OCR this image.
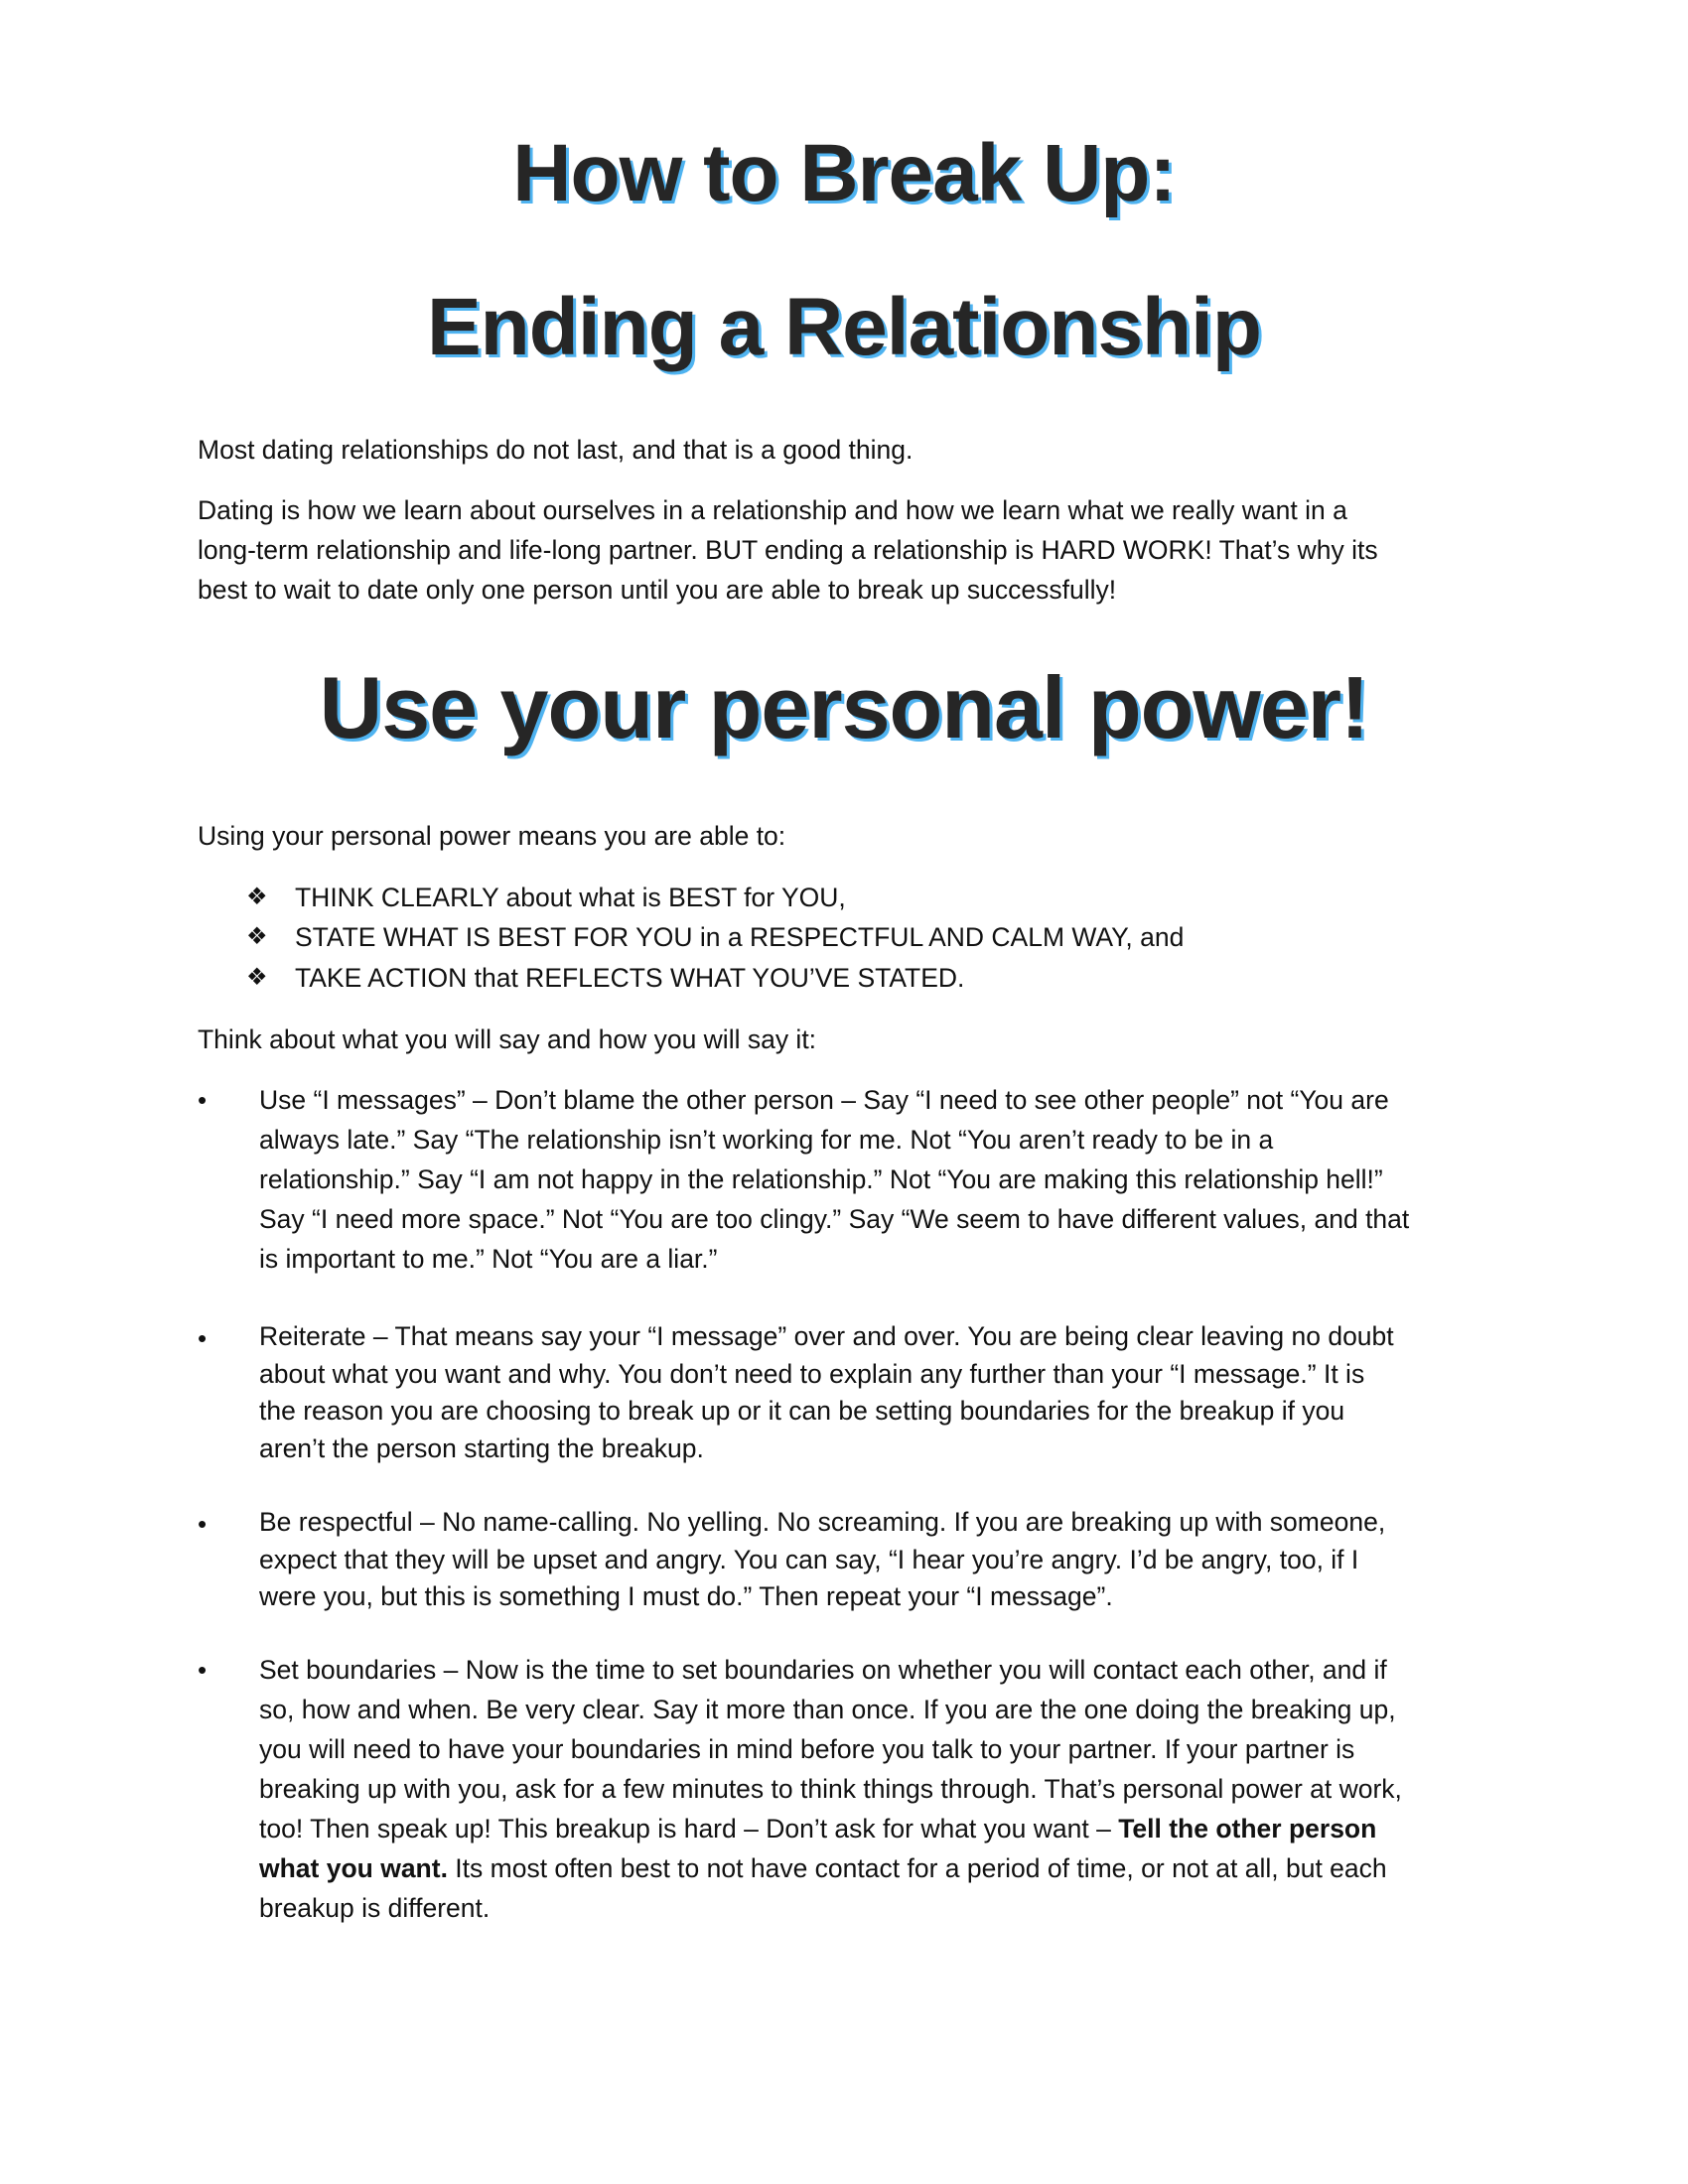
How to Break Up:
Ending a Relationship
Most dating relationships do not last, and that is a good thing.
Dating is how we learn about ourselves in a relationship and how we learn what we really want in a
long-term relationship and life-long partner. BUT ending a relationship is HARD WORK! That’s why its
best to wait to date only one person until you are able to break up successfully!
Use your personal power!
Using your personal power means you are able to:
❖ THINK CLEARLY about what is BEST for YOU,
❖ STATE WHAT IS BEST FOR YOU in a RESPECTFUL AND CALM WAY, and
❖ TAKE ACTION that REFLECTS WHAT YOU’VE STATED.
Think about what you will say and how you will say it:
• Use “I messages” – Don’t blame the other person – Say “I need to see other people” not “You are
always late.” Say “The relationship isn’t working for me. Not “You aren’t ready to be in a
relationship.” Say “I am not happy in the relationship.” Not “You are making this relationship hell!”
Say “I need more space.” Not “You are too clingy.” Say “We seem to have different values, and that
is important to me.” Not “You are a liar.”
• Reiterate – That means say your “I message” over and over. You are being clear leaving no doubt
about what you want and why. You don’t need to explain any further than your “I message.” It is
the reason you are choosing to break up or it can be setting boundaries for the breakup if you
aren’t the person starting the breakup.
• Be respectful – No name-calling. No yelling. No screaming. If you are breaking up with someone,
expect that they will be upset and angry. You can say, “I hear you’re angry. I’d be angry, too, if I
were you, but this is something I must do.” Then repeat your “I message”.
• Set boundaries – Now is the time to set boundaries on whether you will contact each other, and if
so, how and when. Be very clear. Say it more than once. If you are the one doing the breaking up,
you will need to have your boundaries in mind before you talk to your partner. If your partner is
breaking up with you, ask for a few minutes to think things through. That’s personal power at work,
too! Then speak up! This breakup is hard – Don’t ask for what you want – Tell the other person
what you want. Its most often best to not have contact for a period of time, or not at all, but each
breakup is different.
